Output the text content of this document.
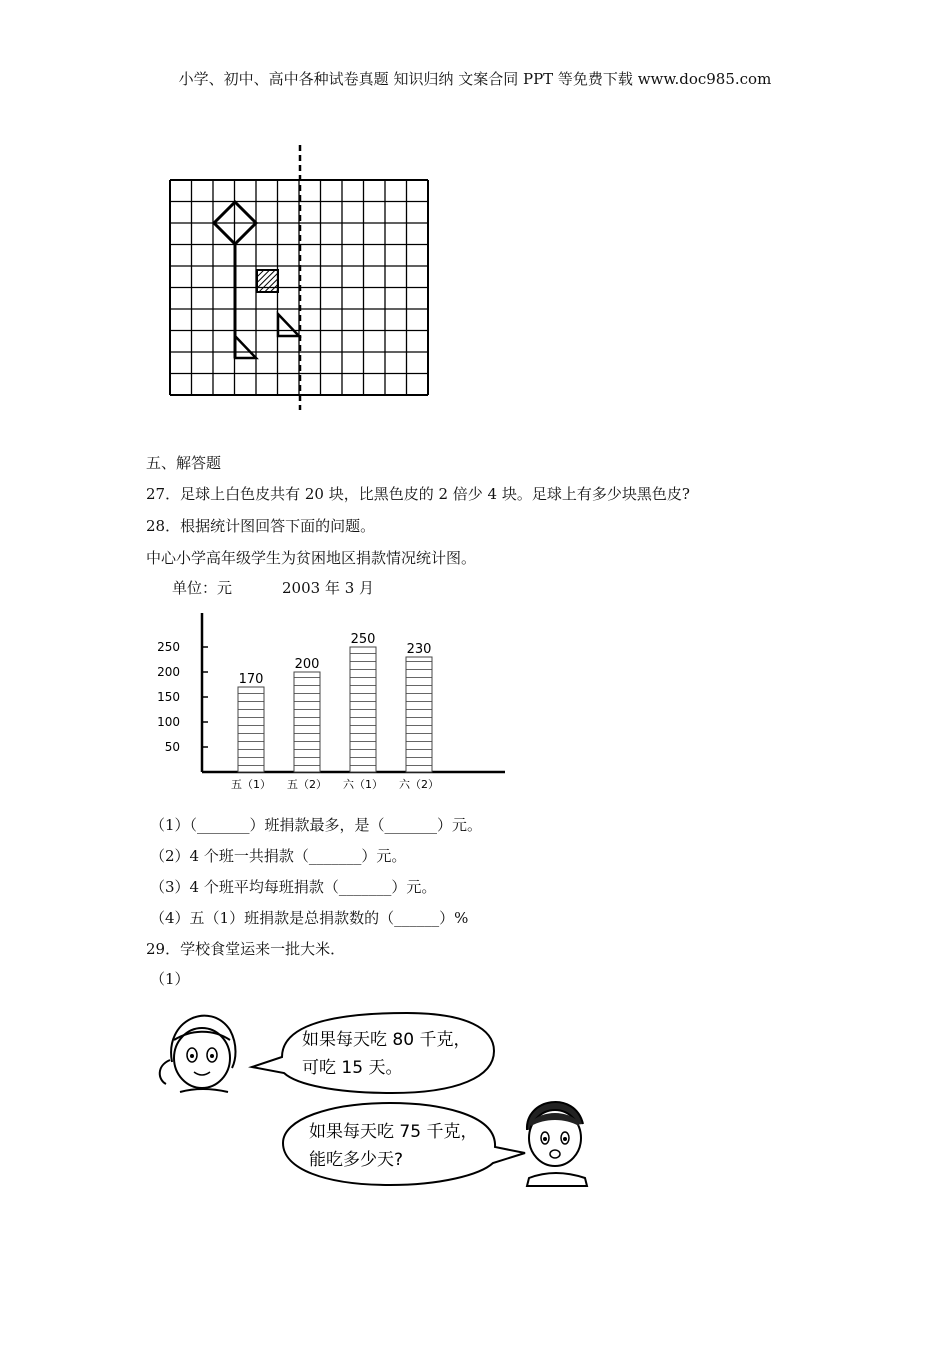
小学、初中、高中各种试卷真题 知识归纳 文案合同 PPT 等免费下载 www.doc985.com
五、解答题
27．足球上白色皮共有 20 块，比黑色皮的 2 倍少 4 块。足球上有多少块黑色皮?
28．根据统计图回答下面的问题。
中心小学高年级学生为贫困地区捐款情况统计图。
单位：元	2003 年 3 月
170
五（1）
200
五（2）
250
六（1）
230
六（2）
50
100
150
200
250
（1）（_______）班捐款最多，是（_______）元。
（2）4 个班一共捐款（_______）元。
（3）4 个班平均每班捐款（_______）元。
（4）五（1）班捐款是总捐款数的（______）%
29．学校食堂运来一批大米．
（1）
如果每天吃 80 千克，
可吃 15 天。
如果每天吃 75 千克，
能吃多少天?
